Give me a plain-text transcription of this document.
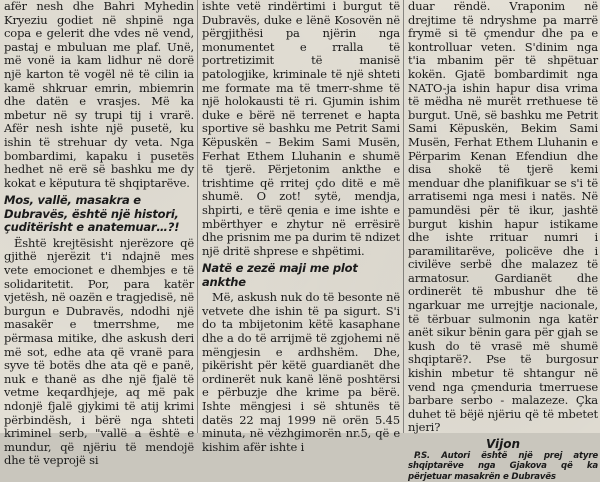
afër nesh dhe Bahri Myhedin Kryeziu godiet në shpinë nga copa e gelerit dhe vdes në vend, pastaj e mbuluan me plaf. Unë, më vonë ia kam lidhur në dorë një karton të vogël në të cilin ia kamë shkruar emrin, mbiemrin dhe datën e vrasjes. Më ka mbetur në sy trupi tij i vrarë. Afër nesh ishte një pusetë, ku ishin të strehuar dy veta. Nga bombardimi, kapaku i pusetës hedhet në erë së bashku me dy kokat e këputura të shqiptarëve.

Mos, vallë, masakra e Dubravës, është një histori, çuditërisht e anatemuar…?!

Është krejtësisht njerëzore që gjithë njerëzit t'i ndajnë mes vete emocionet e dhembjes e të solidaritetit. Por, para katër vjetësh, në oazën e tragjedisë, në burgun e Dubravës, ndodhi një masakër e tmerrshme, me përmasa mitike, dhe askush deri më sot, edhe ata që vranë para syve të botës dhe ata që e panë, nuk e thanë as dhe një fjalë të vetme keqardhjeje, aq më pak ndonjë fjalë gjykimi të atij krimi përbindësh, i bërë nga shteti kriminel serb, "vallë a është e mundur, që njëriu të mendojë dhe të veprojë si

ishte vetë rindërtimi i burgut të Dubravës, duke e lënë Kosovën në përgjithësi pa njërin nga monumentet e rralla të portretizimit të manisë patologjike, kriminale të një shteti me formate ma të tmerr-shme të një holokausti të ri. Gjumin ishim duke e bërë në terrenet e hapta sportive së bashku me Petrit Sami Këpuskën – Bekim Sami Musën, Ferhat Ethem Lluhanin e shumë të tjerë. Përjetonim ankthe e trishtime që rritej çdo ditë e më shumë. O zot! sytë, mendja, shpirti, e tërë qenia e ime ishte e mbërthyer e zhytur në errësirë dhe prisnim me pa durim të ndizet një dritë shprese e shpëtimi.

Natë e zezë maji me plot ankthe

Më, askush nuk do të besonte në vetvete dhe ishin të pa sigurt. S'i do ta mbijetonim këtë kasaphane dhe a do të arrijmë të zgjohemi në mëngjesin e ardhshëm. Dhe, pikërisht për këtë guardianët dhe ordinerët nuk kanë lënë poshtërsi e përbuzje dhe krime pa bërë. Ishte mëngjesi i së shtunës të datës 22 maj 1999 në orën 5.45 minuta, në vëzhgimorën nr.5, që e kishim afër ishte i

duar rëndë. Vraponim në drejtime të ndryshme pa marrë frymë si të çmendur dhe pa e kontrolluar veten. S'dinim nga t'ia mbanim për të shpëtuar kokën. Gjatë bombardimit nga NATO-ja ishin hapur disa vrima të mëdha në murët rrethuese të burgut. Unë, së bashku me Petrit Sami Këpuskën, Bekim Sami Musën, Ferhat Ethem Lluhanin e Përparim Kenan Efendiun dhe disa shokë të tjerë kemi menduar dhe planifikuar se s'i të arratisemi nga mesi i natës. Në pamundësi për të ikur, jashtë burgut kishin hapur istikame dhe ishte rrituar numri i paramilitarëve, policëve dhe i civilëve serbë dhe malazez të armatosur. Gardianët dhe ordinerët të mbushur dhe të ngarkuar me urrejtje nacionale, të tërbuar sulmonin nga katër anët sikur bënin gara për gjah se kush do të vrasë më shumë shqiptarë?. Pse të burgosur kishin mbetur të shtangur në vend nga çmenduria tmerruese barbare serbo - malazeze. Çka duhet të bëjë njëriu që të mbetet njeri?

Vijon

P.S. Autori është një prej atyre shqiptarëve nga Gjakova që ka përjetuar masakrën e Dubravës
